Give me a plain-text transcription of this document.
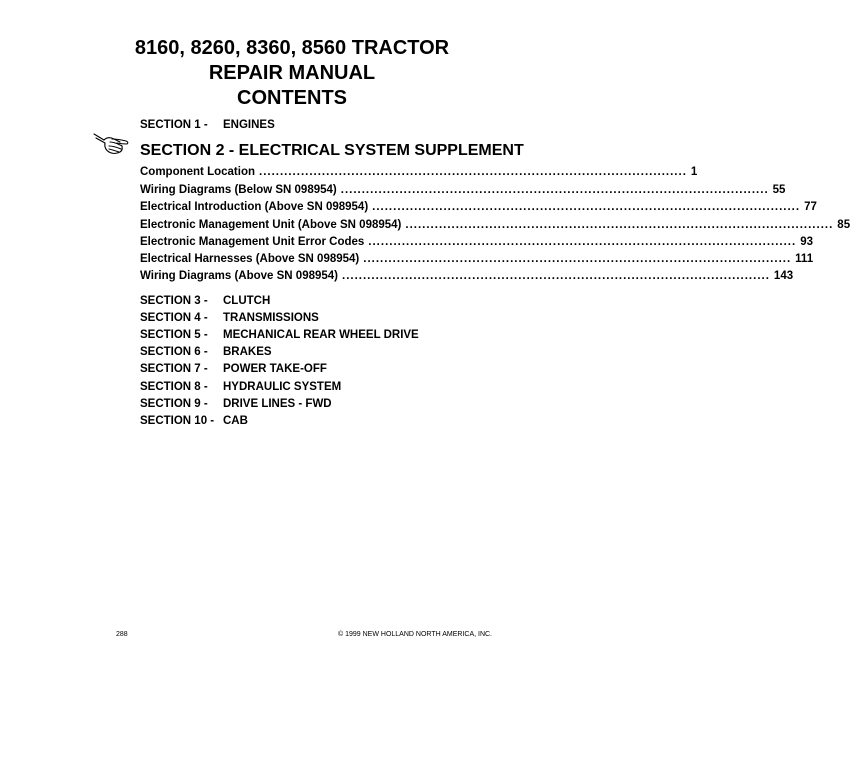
8160, 8260, 8360, 8560 TRACTOR
REPAIR MANUAL
CONTENTS
SECTION 1 - ENGINES
SECTION 2 - ELECTRICAL SYSTEM SUPPLEMENT
Component Location ...................................................................................................... 1
Wiring Diagrams (Below SN 098954) ...................................................................................................... 55
Electrical Introduction (Above SN 098954) ...................................................................................................... 77
Electronic Management Unit (Above SN 098954) ...................................................................................................... 85
Electronic Management Unit Error Codes ...................................................................................................... 93
Electrical Harnesses (Above SN 098954) ...................................................................................................... 111
Wiring Diagrams (Above SN 098954) ...................................................................................................... 143
SECTION 3 - CLUTCH
SECTION 4 - TRANSMISSIONS
SECTION 5 - MECHANICAL REAR WHEEL DRIVE
SECTION 6 - BRAKES
SECTION 7 - POWER TAKE-OFF
SECTION 8 - HYDRAULIC SYSTEM
SECTION 9 - DRIVE LINES - FWD
SECTION 10 - CAB
288	© 1999 NEW HOLLAND NORTH AMERICA, INC.
